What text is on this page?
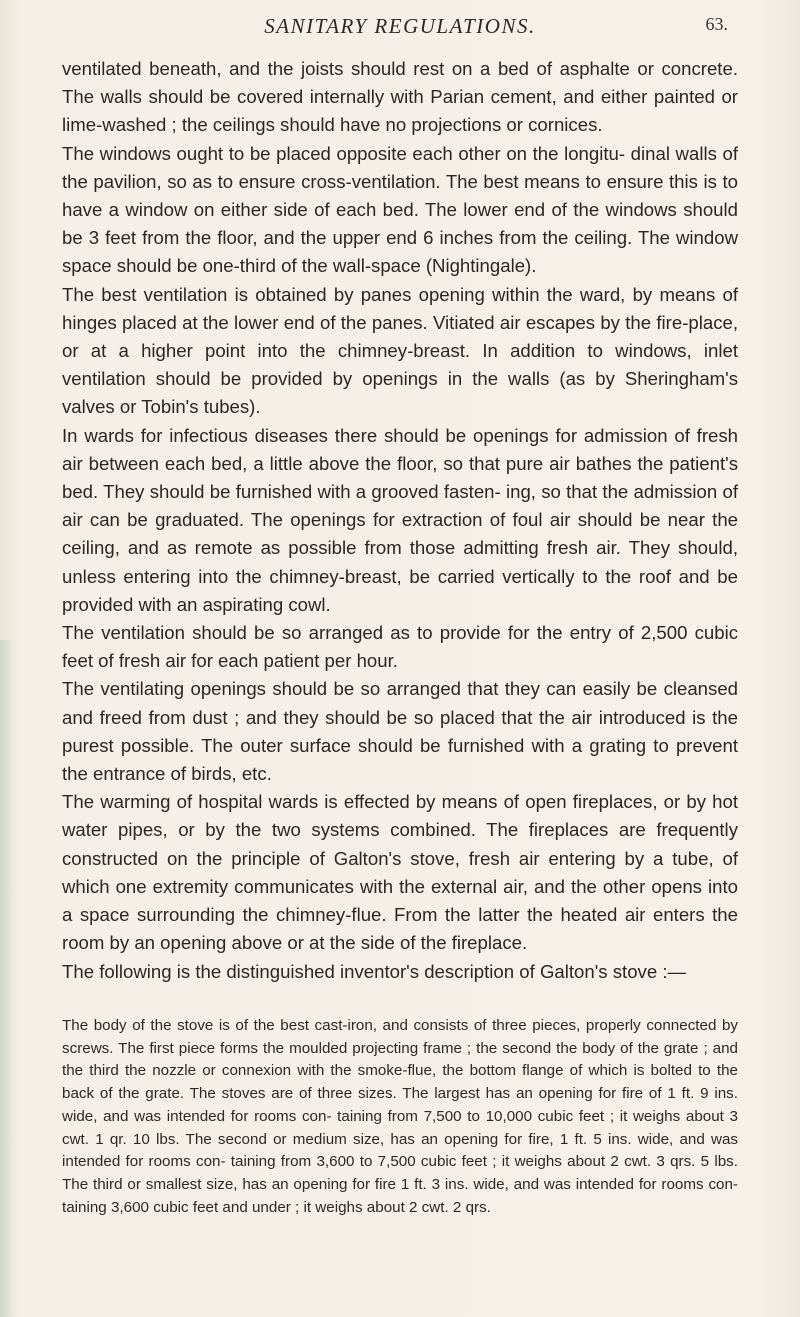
SANITARY REGULATIONS.	63.

ventilated beneath, and the joists should rest on a bed of asphalte or concrete. The walls should be covered internally with Parian cement, and either painted or lime-washed ; the ceilings should have no projections or cornices.

The windows ought to be placed opposite each other on the longitu- dinal walls of the pavilion, so as to ensure cross-ventilation. The best means to ensure this is to have a window on either side of each bed. The lower end of the windows should be 3 feet from the floor, and the upper end 6 inches from the ceiling. The window space should be one-third of the wall-space (Nightingale).

The best ventilation is obtained by panes opening within the ward, by means of hinges placed at the lower end of the panes. Vitiated air escapes by the fire-place, or at a higher point into the chimney-breast. In addition to windows, inlet ventilation should be provided by openings in the walls (as by Sheringham's valves or Tobin's tubes).

In wards for infectious diseases there should be openings for admission of fresh air between each bed, a little above the floor, so that pure air bathes the patient's bed. They should be furnished with a grooved fasten- ing, so that the admission of air can be graduated. The openings for extraction of foul air should be near the ceiling, and as remote as possible from those admitting fresh air. They should, unless entering into the chimney-breast, be carried vertically to the roof and be provided with an aspirating cowl.

The ventilation should be so arranged as to provide for the entry of 2,500 cubic feet of fresh air for each patient per hour.

The ventilating openings should be so arranged that they can easily be cleansed and freed from dust ; and they should be so placed that the air introduced is the purest possible. The outer surface should be furnished with a grating to prevent the entrance of birds, etc.

The warming of hospital wards is effected by means of open fireplaces, or by hot water pipes, or by the two systems combined. The fireplaces are frequently constructed on the principle of Galton's stove, fresh air entering by a tube, of which one extremity communicates with the external air, and the other opens into a space surrounding the chimney-flue. From the latter the heated air enters the room by an opening above or at the side of the fireplace.

The following is the distinguished inventor's description of Galton's stove :—

The body of the stove is of the best cast-iron, and consists of three pieces, properly connected by screws. The first piece forms the moulded projecting frame ; the second the body of the grate ; and the third the nozzle or connexion with the smoke-flue, the bottom flange of which is bolted to the back of the grate. The stoves are of three sizes. The largest has an opening for fire of 1 ft. 9 ins. wide, and was intended for rooms con- taining from 7,500 to 10,000 cubic feet ; it weighs about 3 cwt. 1 qr. 10 lbs. The second or medium size, has an opening for fire, 1 ft. 5 ins. wide, and was intended for rooms con- taining from 3,600 to 7,500 cubic feet ; it weighs about 2 cwt. 3 qrs. 5 lbs. The third or smallest size, has an opening for fire 1 ft. 3 ins. wide, and was intended for rooms con- taining 3,600 cubic feet and under ; it weighs about 2 cwt. 2 qrs.
